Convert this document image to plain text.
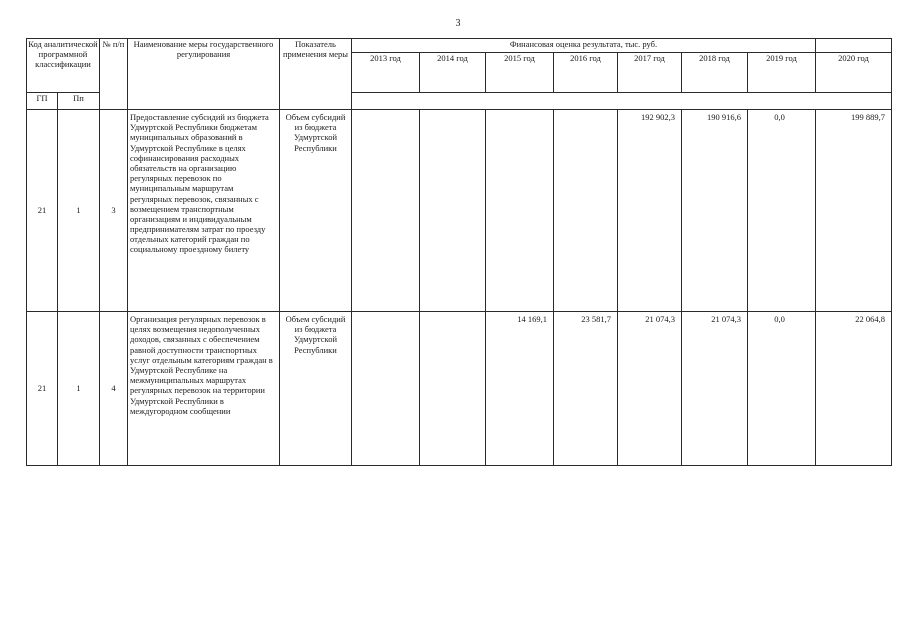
3
Код аналитической программной классификации		№ п/п	Наименование меры государственного регулирования	Показатель применения меры	Финансовая оценка результата, тыс. руб.							
					2013 год	2014 год	2015 год	2016 год	2017 год	2018 год	2019 год	2020 год
ГП	Пп											
21	1	3	Предоставление субсидий из бюджета Удмуртской Республики бюджетам муниципальных образований в Удмуртской Республике в целях софинансирования расходных обязательств на организацию регулярных перевозок по муниципальным маршрутам регулярных перевозок, связанных с возмещением транспортным организациям и индивидуальным предпринимателям затрат по проезду отдельных категорий граждан по социальному проездному билету	Объем субсидий из бюджета Удмуртской Республики					192 902,3	190 916,6	0,0	199 889,7
21	1	4	Организация регулярных перевозок в целях возмещения недополученных доходов, связанных с обеспечением равной доступности транспортных услуг отдельным категориям граждан в Удмуртской Республике на межмуниципальных маршрутах регулярных перевозок на территории Удмуртской Республики в междугородном сообщении	Объем субсидий из бюджета Удмуртской Республики			14 169,1	23 581,7	21 074,3	21 074,3	0,0	22 064,8
